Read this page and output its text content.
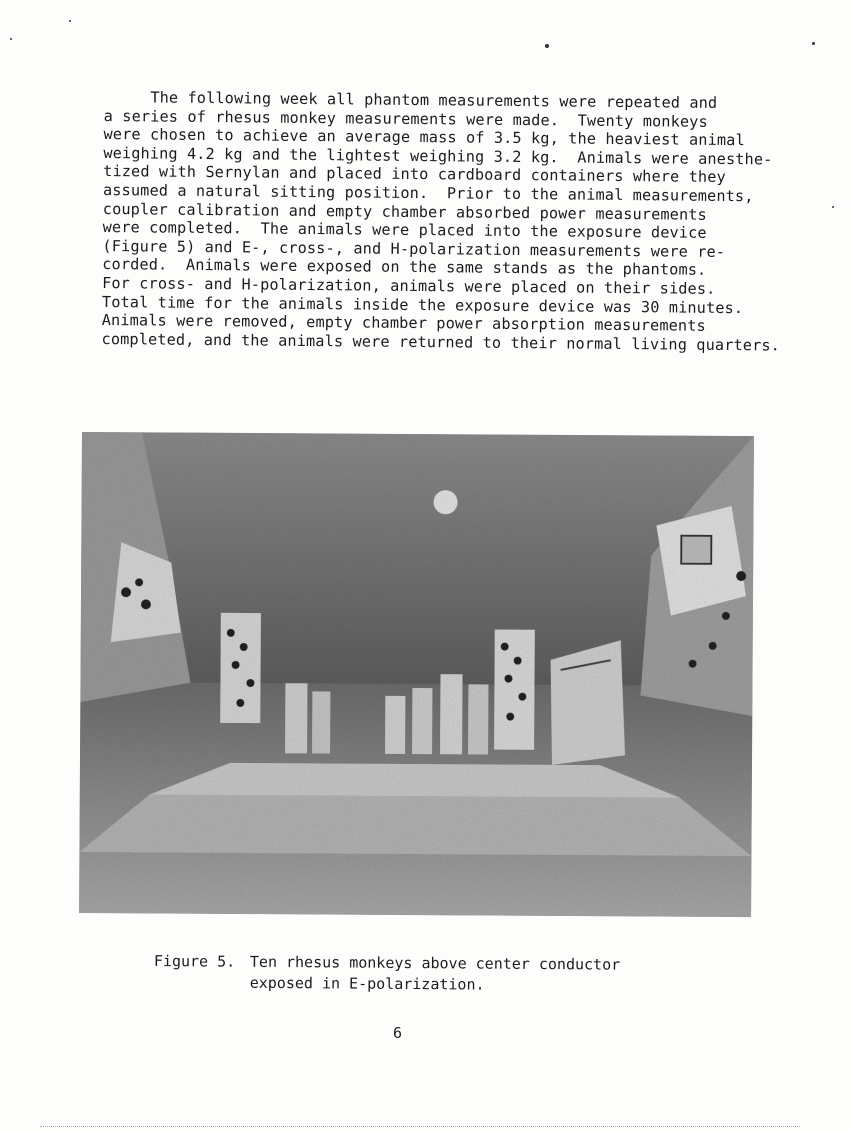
The following week all phantom measurements were repeated and
a series of rhesus monkey measurements were made.  Twenty monkeys
were chosen to achieve an average mass of 3.5 kg, the heaviest animal
weighing 4.2 kg and the lightest weighing 3.2 kg.  Animals were anesthe-
tized with Sernylan and placed into cardboard containers where they
assumed a natural sitting position.  Prior to the animal measurements,
coupler calibration and empty chamber absorbed power measurements
were completed.  The animals were placed into the exposure device
(Figure 5) and E-, cross-, and H-polarization measurements were re-
corded.  Animals were exposed on the same stands as the phantoms.
For cross- and H-polarization, animals were placed on their sides.
Total time for the animals inside the exposure device was 30 minutes.
Animals were removed, empty chamber power absorption measurements
completed, and the animals were returned to their normal living quarters.
Figure 5. Ten rhesus monkeys above center conductor
exposed in E-polarization.
6
